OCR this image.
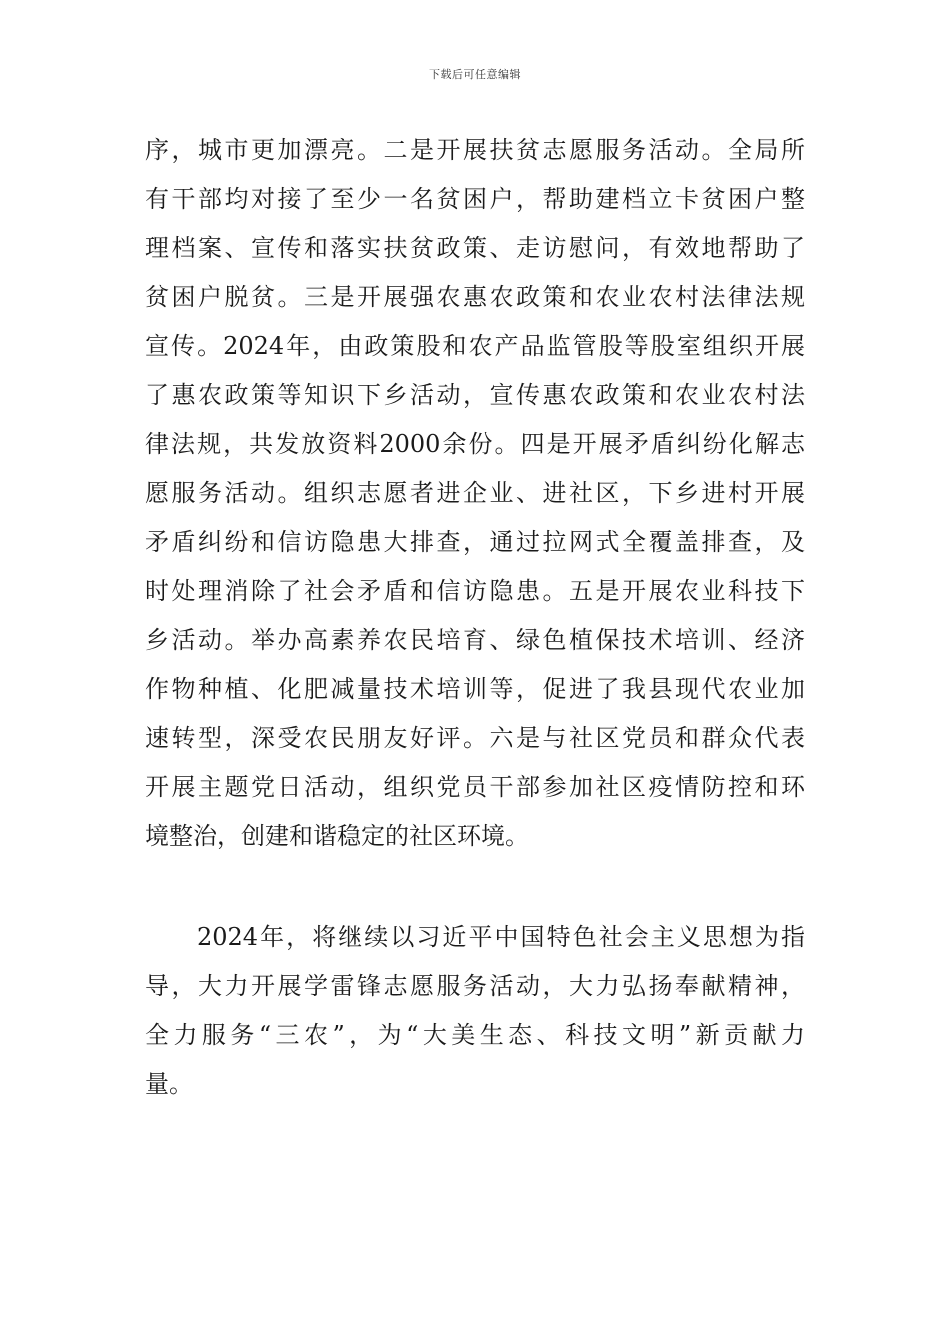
下载后可任意编辑
序，城市更加漂亮。二是开展扶贫志愿服务活动。全局所
有干部均对接了至少一名贫困户，帮助建档立卡贫困户整
理档案、宣传和落实扶贫政策、走访慰问，有效地帮助了
贫困户脱贫。三是开展强农惠农政策和农业农村法律法规
宣传。2024年，由政策股和农产品监管股等股室组织开展
了惠农政策等知识下乡活动，宣传惠农政策和农业农村法
律法规，共发放资料2000余份。四是开展矛盾纠纷化解志
愿服务活动。组织志愿者进企业、进社区，下乡进村开展
矛盾纠纷和信访隐患大排查，通过拉网式全覆盖排查，及
时处理消除了社会矛盾和信访隐患。五是开展农业科技下
乡活动。举办高素养农民培育、绿色植保技术培训、经济
作物种植、化肥减量技术培训等，促进了我县现代农业加
速转型，深受农民朋友好评。六是与社区党员和群众代表
开展主题党日活动，组织党员干部参加社区疫情防控和环
境整治，创建和谐稳定的社区环境。
2024年，将继续以习近平中国特色社会主义思想为指
导，大力开展学雷锋志愿服务活动，大力弘扬奉献精神，
全力服务“三农”，为“大美生态、科技文明”新贡献力
量。
